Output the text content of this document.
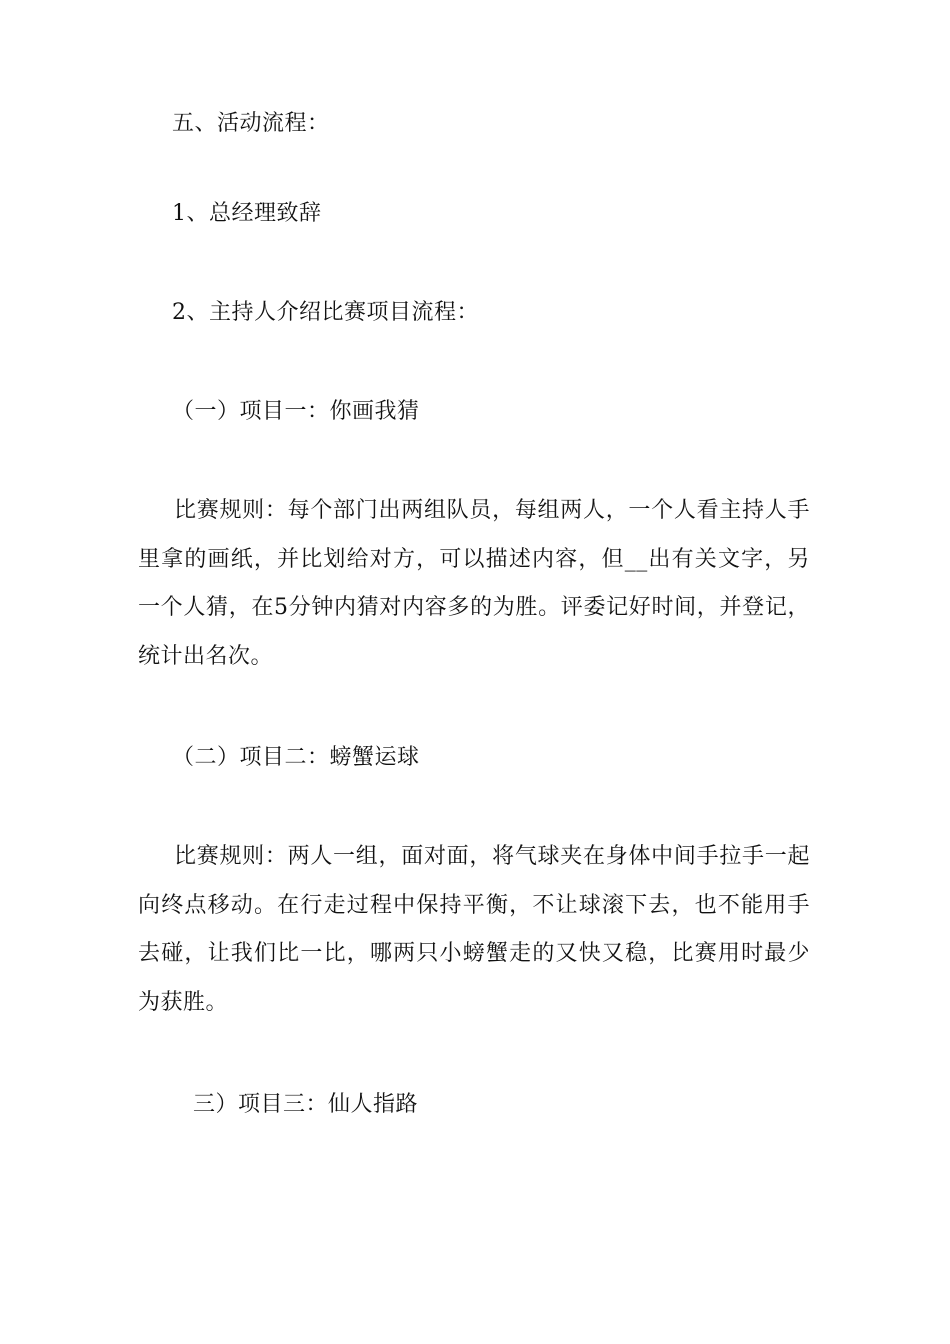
五、活动流程：
1、总经理致辞
2、主持人介绍比赛项目流程：
（一）项目一：你画我猜
比赛规则：每个部门出两组队员，每组两人，一个人看主持人手里拿的画纸，并比划给对方，可以描述内容，但__出有关文字，另一个人猜，在5分钟内猜对内容多的为胜。评委记好时间，并登记，统计出名次。
（二）项目二：螃蟹运球
比赛规则：两人一组，面对面，将气球夹在身体中间手拉手一起向终点移动。在行走过程中保持平衡，不让球滚下去，也不能用手去碰，让我们比一比，哪两只小螃蟹走的又快又稳，比赛用时最少为获胜。
三）项目三：仙人指路
